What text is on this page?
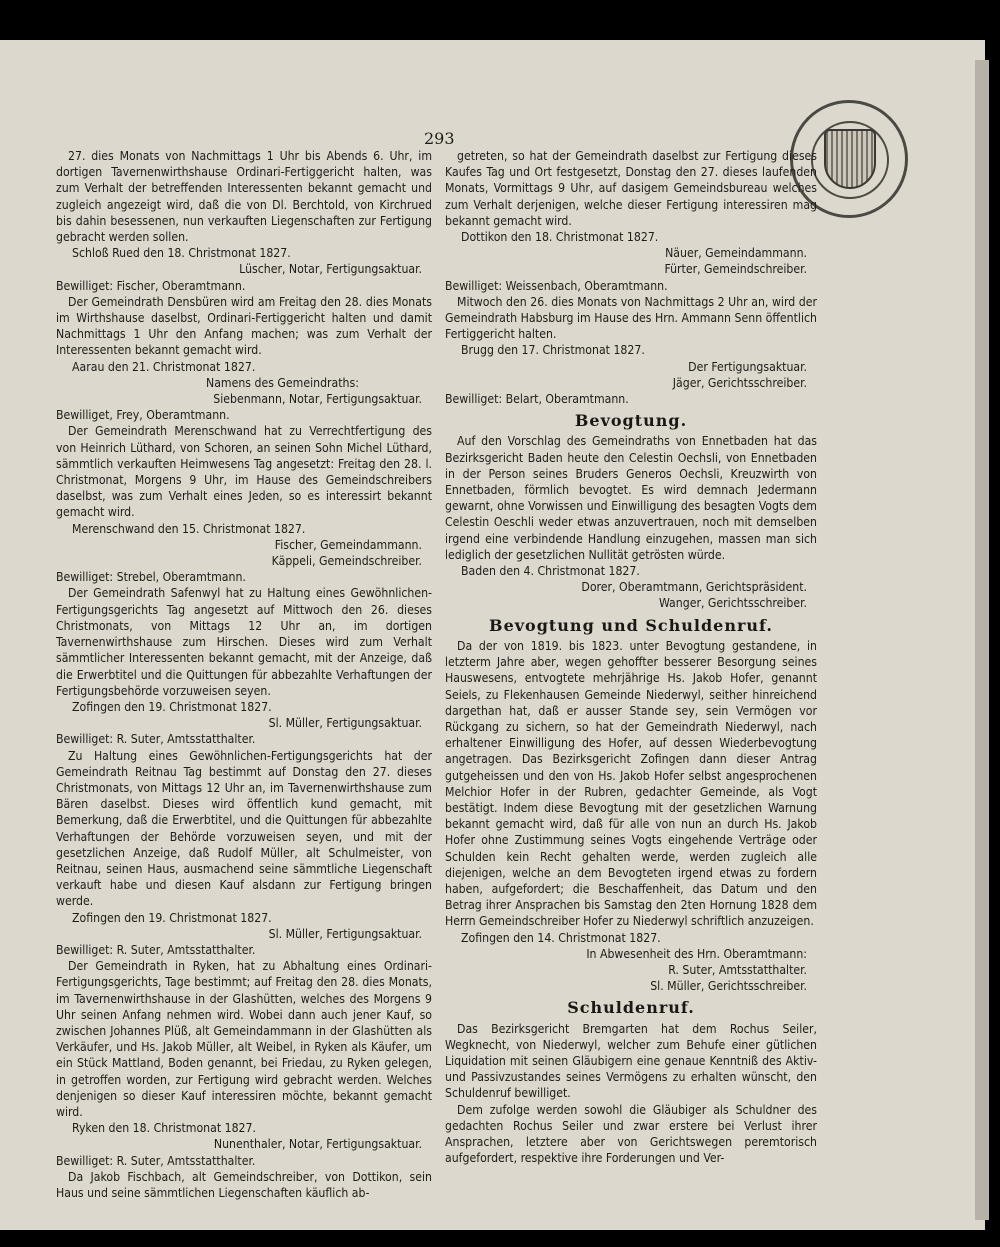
293

27. dies Monats von Nachmittags 1 Uhr bis Abends 6. Uhr, im dortigen Tavernenwirthshause Ordinari-Fertiggericht halten, was zum Verhalt der betreffenden Interessenten bekannt gemacht und zugleich angezeigt wird, daß die von Dl. Berchtold, von Kirchrued bis dahin besessenen, nun verkauften Liegenschaften zur Fertigung gebracht werden sollen.

Schloß Rued den 18. Christmonat 1827.

Lüscher, Notar, Fertigungsaktuar.

Bewilliget: Fischer, Oberamtmann.

Der Gemeindrath Densbüren wird am Freitag den 28. dies Monats im Wirthshause daselbst, Ordinari-Fertiggericht halten und damit Nachmittags 1 Uhr den Anfang machen; was zum Verhalt der Interessenten bekannt gemacht wird.

Aarau den 21. Christmonat 1827.

Namens des Gemeindraths:

Siebenmann, Notar, Fertigungsaktuar.

Bewilliget, Frey, Oberamtmann.

Der Gemeindrath Merenschwand hat zu Verrechtfertigung des von Heinrich Lüthard, von Schoren, an seinen Sohn Michel Lüthard, sämmtlich verkauften Heimwesens Tag angesetzt: Freitag den 28. l. Christmonat, Morgens 9 Uhr, im Hause des Gemeindschreibers daselbst, was zum Verhalt eines Jeden, so es interessirt bekannt gemacht wird.

Merenschwand den 15. Christmonat 1827.

Fischer, Gemeindammann.

Käppeli, Gemeindschreiber.

Bewilliget: Strebel, Oberamtmann.

Der Gemeindrath Safenwyl hat zu Haltung eines Gewöhnlichen-Fertigungsgerichts Tag angesetzt auf Mittwoch den 26. dieses Christmonats, von Mittags 12 Uhr an, im dortigen Tavernenwirthshause zum Hirschen. Dieses wird zum Verhalt sämmtlicher Interessenten bekannt gemacht, mit der Anzeige, daß die Erwerbtitel und die Quittungen für abbezahlte Verhaftungen der Fertigungsbehörde vorzuweisen seyen.

Zofingen den 19. Christmonat 1827.

Sl. Müller, Fertigungsaktuar.

Bewilliget: R. Suter, Amtsstatthalter.

Zu Haltung eines Gewöhnlichen-Fertigungsgerichts hat der Gemeindrath Reitnau Tag bestimmt auf Donstag den 27. dieses Christmonats, von Mittags 12 Uhr an, im Tavernenwirthshause zum Bären daselbst. Dieses wird öffentlich kund gemacht, mit Bemerkung, daß die Erwerbtitel, und die Quittungen für abbezahlte Verhaftungen der Behörde vorzuweisen seyen, und mit der gesetzlichen Anzeige, daß Rudolf Müller, alt Schulmeister, von Reitnau, seinen Haus, ausmachend seine sämmtliche Liegenschaft verkauft habe und diesen Kauf alsdann zur Fertigung bringen werde.

Zofingen den 19. Christmonat 1827.

Sl. Müller, Fertigungsaktuar.

Bewilliget: R. Suter, Amtsstatthalter.

Der Gemeindrath in Ryken, hat zu Abhaltung eines Ordinari-Fertigungsgerichts, Tage bestimmt; auf Freitag den 28. dies Monats, im Tavernenwirthshause in der Glashütten, welches des Morgens 9 Uhr seinen Anfang nehmen wird. Wobei dann auch jener Kauf, so zwischen Johannes Plüß, alt Gemeindammann in der Glashütten als Verkäufer, und Hs. Jakob Müller, alt Weibel, in Ryken als Käufer, um ein Stück Mattland, Boden genannt, bei Friedau, zu Ryken gelegen, in getroffen worden, zur Fertigung wird gebracht werden. Welches denjenigen so dieser Kauf interessiren möchte, bekannt gemacht wird.

Ryken den 18. Christmonat 1827.

Nunenthaler, Notar, Fertigungsaktuar.

Bewilliget: R. Suter, Amtsstatthalter.

Da Jakob Fischbach, alt Gemeindschreiber, von Dottikon, sein Haus und seine sämmtlichen Liegenschaften käuflich ab-

getreten, so hat der Gemeindrath daselbst zur Fertigung dieses Kaufes Tag und Ort festgesetzt, Donstag den 27. dieses laufenden Monats, Vormittags 9 Uhr, auf dasigem Gemeindsbureau welches zum Verhalt derjenigen, welche dieser Fertigung interessiren mag bekannt gemacht wird.

Dottikon den 18. Christmonat 1827.

Näuer, Gemeindammann.

Fürter, Gemeindschreiber.

Bewilliget: Weissenbach, Oberamtmann.

Mitwoch den 26. dies Monats von Nachmittags 2 Uhr an, wird der Gemeindrath Habsburg im Hause des Hrn. Ammann Senn öffentlich Fertiggericht halten.

Brugg den 17. Christmonat 1827.

Der Fertigungsaktuar.

Jäger, Gerichtsschreiber.

Bewilliget: Belart, Oberamtmann.

Bevogtung.

Auf den Vorschlag des Gemeindraths von Ennetbaden hat das Bezirksgericht Baden heute den Celestin Oechsli, von Ennetbaden in der Person seines Bruders Generos Oechsli, Kreuzwirth von Ennetbaden, förmlich bevogtet. Es wird demnach Jedermann gewarnt, ohne Vorwissen und Einwilligung des besagten Vogts dem Celestin Oeschli weder etwas anzuvertrauen, noch mit demselben irgend eine verbindende Handlung einzugehen, massen man sich lediglich der gesetzlichen Nullität getrösten würde.

Baden den 4. Christmonat 1827.

Dorer, Oberamtmann, Gerichtspräsident.

Wanger, Gerichtsschreiber.

Bevogtung und Schuldenruf.

Da der von 1819. bis 1823. unter Bevogtung gestandene, in letzterm Jahre aber, wegen gehoffter besserer Besorgung seines Hauswesens, entvogtete mehrjährige Hs. Jakob Hofer, genannt Seiels, zu Flekenhausen Gemeinde Niederwyl, seither hinreichend dargethan hat, daß er ausser Stande sey, sein Vermögen vor Rückgang zu sichern, so hat der Gemeindrath Niederwyl, nach erhaltener Einwilligung des Hofer, auf dessen Wiederbevogtung angetragen. Das Bezirksgericht Zofingen dann dieser Antrag gutgeheissen und den von Hs. Jakob Hofer selbst angesprochenen Melchior Hofer in der Rubren, gedachter Gemeinde, als Vogt bestätigt. Indem diese Bevogtung mit der gesetzlichen Warnung bekannt gemacht wird, daß für alle von nun an durch Hs. Jakob Hofer ohne Zustimmung seines Vogts eingehende Verträge oder Schulden kein Recht gehalten werde, werden zugleich alle diejenigen, welche an dem Bevogteten irgend etwas zu fordern haben, aufgefordert; die Beschaffenheit, das Datum und den Betrag ihrer Ansprachen bis Samstag den 2ten Hornung 1828 dem Herrn Gemeindschreiber Hofer zu Niederwyl schriftlich anzuzeigen.

Zofingen den 14. Christmonat 1827.

In Abwesenheit des Hrn. Oberamtmann:

R. Suter, Amtsstatthalter.

Sl. Müller, Gerichtsschreiber.

Schuldenruf.

Das Bezirksgericht Bremgarten hat dem Rochus Seiler, Wegknecht, von Niederwyl, welcher zum Behufe einer gütlichen Liquidation mit seinen Gläubigern eine genaue Kenntniß des Aktiv- und Passivzustandes seines Vermögens zu erhalten wünscht, den Schuldenruf bewilliget.

Dem zufolge werden sowohl die Gläubiger als Schuldner des gedachten Rochus Seiler und zwar erstere bei Verlust ihrer Ansprachen, letztere aber von Gerichtswegen peremtorisch aufgefordert, respektive ihre Forderungen und Ver-
